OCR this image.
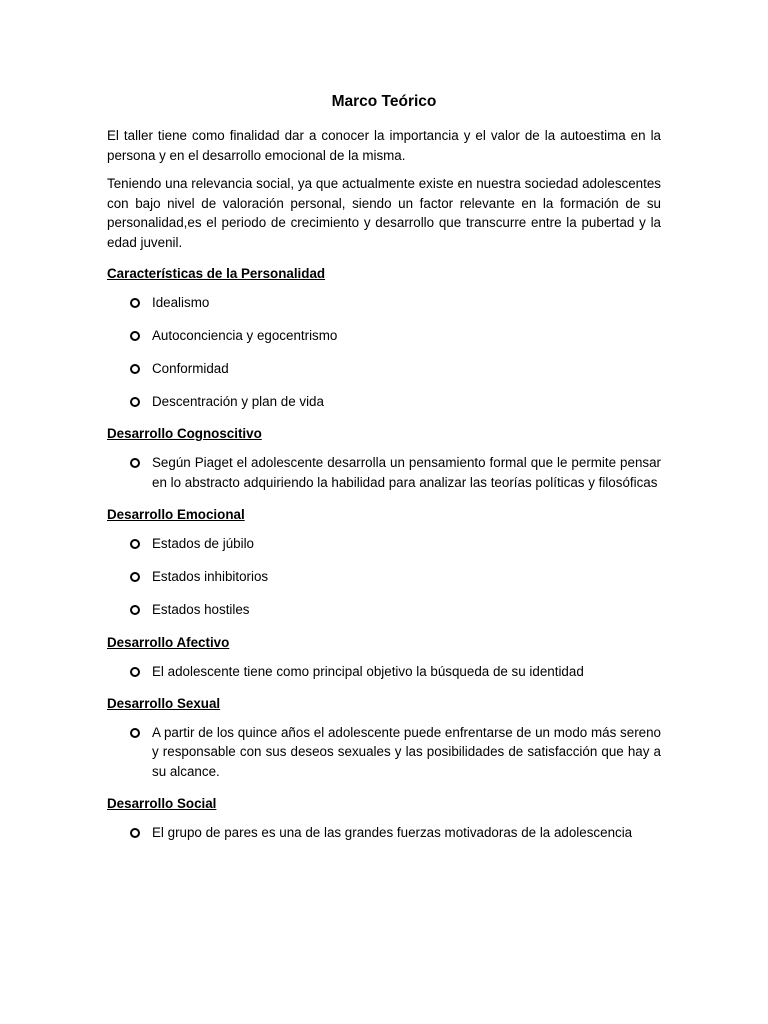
Marco Teórico

El taller tiene como finalidad dar a conocer la importancia y el valor de la autoestima en la persona y en el desarrollo emocional de la misma.

Teniendo una relevancia social, ya que actualmente existe en nuestra sociedad adolescentes con bajo nivel de valoración personal, siendo un factor relevante en la formación de su personalidad,es el periodo de crecimiento y desarrollo que transcurre entre la pubertad y la edad juvenil.

Características de la Personalidad
Idealismo
Autoconciencia y egocentrismo
Conformidad
Descentración y plan de vida
Desarrollo Cognoscitivo
Según Piaget el adolescente desarrolla un pensamiento formal que le permite pensar en lo abstracto adquiriendo la habilidad para analizar las teorías políticas y filosóficas
Desarrollo Emocional
Estados de júbilo
Estados inhibitorios
Estados hostiles
Desarrollo Afectivo
El adolescente tiene como principal objetivo la búsqueda de su identidad
Desarrollo Sexual
A partir de los quince años el adolescente puede enfrentarse de un modo más sereno y responsable con sus deseos sexuales y las posibilidades de satisfacción que hay a su alcance.
Desarrollo Social
El grupo de pares es una de las grandes fuerzas motivadoras de la adolescencia
